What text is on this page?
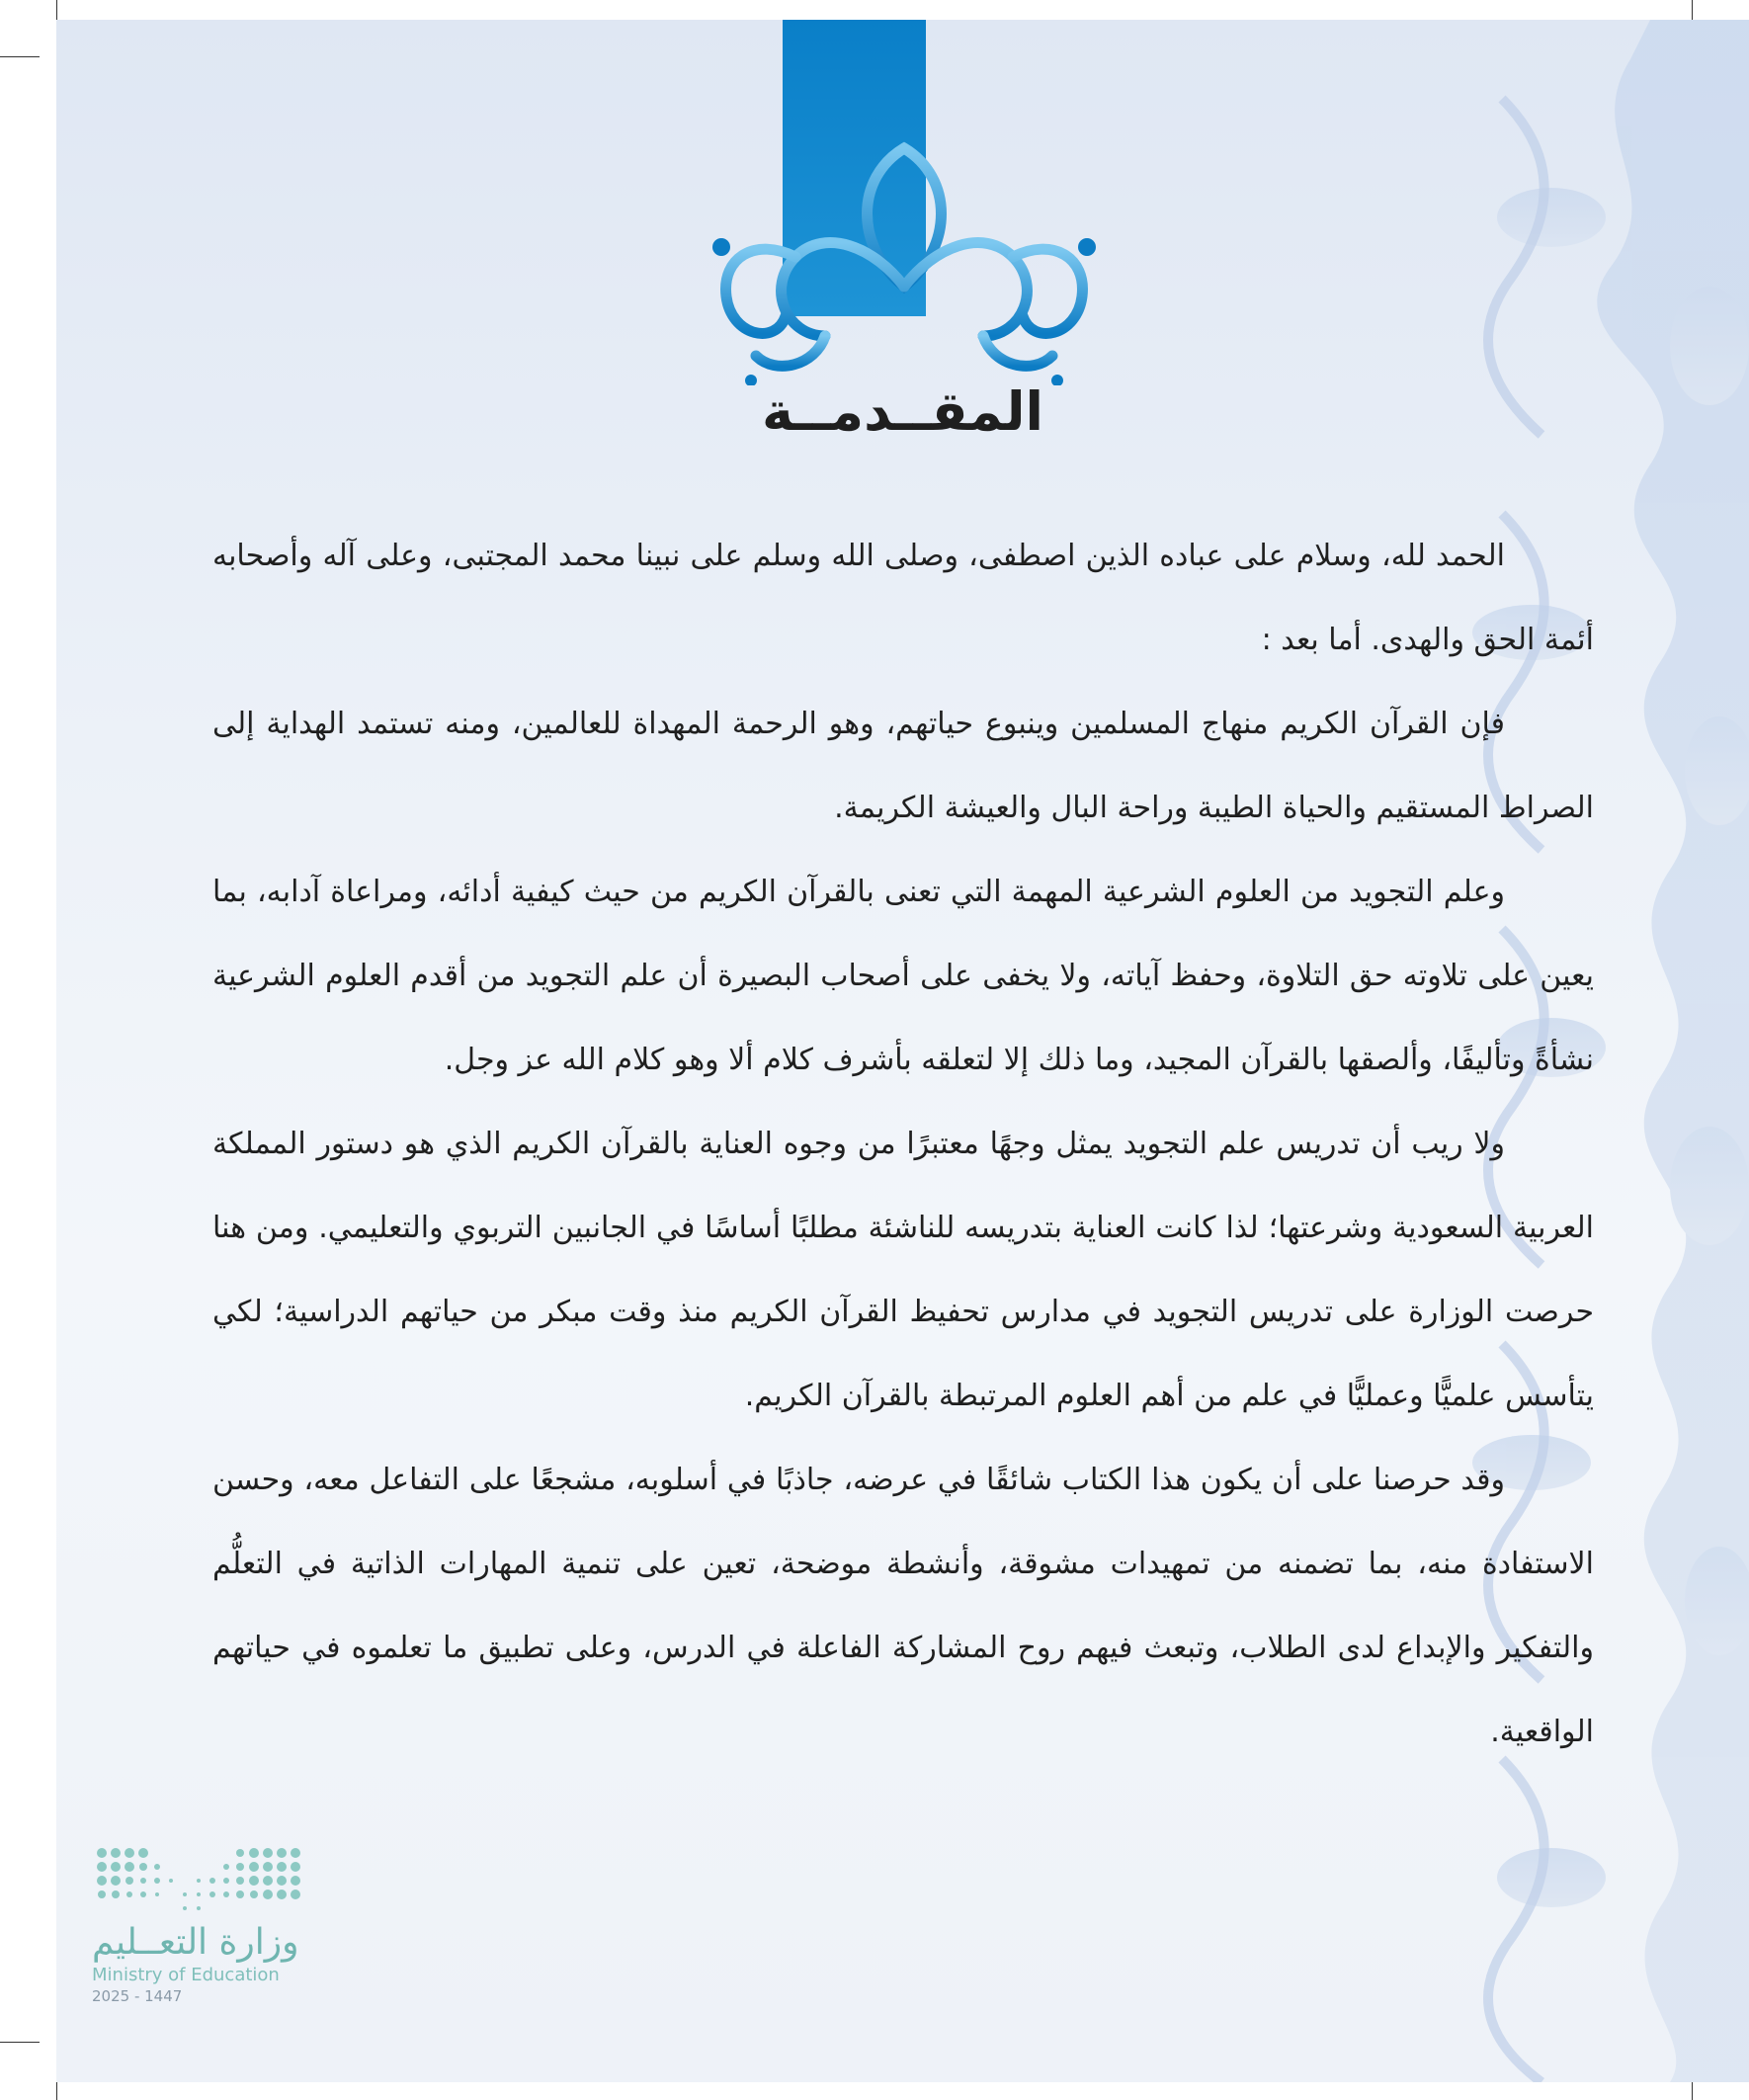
المقــدمــة

الحمد لله، وسلام على عباده الذين اصطفى، وصلى الله وسلم على نبينا محمد المجتبى، وعلى آله وأصحابه أئمة الحق والهدى. أما بعد :

فإن القرآن الكريم منهاج المسلمين وينبوع حياتهم، وهو الرحمة المهداة للعالمين، ومنه تستمد الهداية إلى الصراط المستقيم والحياة الطيبة وراحة البال والعيشة الكريمة.

وعلم التجويد من العلوم الشرعية المهمة التي تعنى بالقرآن الكريم من حيث كيفية أدائه، ومراعاة آدابه، بما يعين على تلاوته حق التلاوة، وحفظ آياته، ولا يخفى على أصحاب البصيرة أن علم التجويد من أقدم العلوم الشرعية نشأةً وتأليفًا، وألصقها بالقرآن المجيد، وما ذلك إلا لتعلقه بأشرف كلام ألا وهو كلام الله عز وجل.

ولا ريب أن تدريس علم التجويد يمثل وجهًا معتبرًا من وجوه العناية بالقرآن الكريم الذي هو دستور المملكة العربية السعودية وشرعتها؛ لذا كانت العناية بتدريسه للناشئة مطلبًا أساسًا في الجانبين التربوي والتعليمي. ومن هنا حرصت الوزارة على تدريس التجويد في مدارس تحفيظ القرآن الكريم منذ وقت مبكر من حياتهم الدراسية؛ لكي يتأسس علميًّا وعمليًّا في علم من أهم العلوم المرتبطة بالقرآن الكريم.

وقد حرصنا على أن يكون هذا الكتاب شائقًا في عرضه، جاذبًا في أسلوبه، مشجعًا على التفاعل معه، وحسن الاستفادة منه، بما تضمنه من تمهيدات مشوقة، وأنشطة موضحة، تعين على تنمية المهارات الذاتية في التعلُّم والتفكير والإبداع لدى الطلاب، وتبعث فيهم روح المشاركة الفاعلة في الدرس، وعلى تطبيق ما تعلموه في حياتهم الواقعية.

وزارة التعــليم
Ministry of Education
2025 - 1447
